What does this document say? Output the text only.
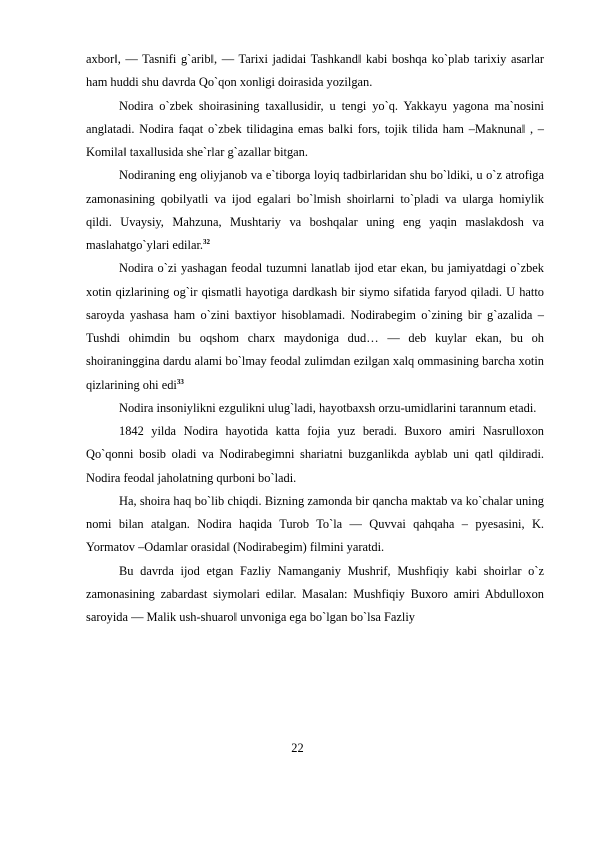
axbor‖, ― Tasnifi g`arib‖, ― Tarixi jadidai Tashkand‖ kabi boshqa ko`plab tarixiy asarlar ham huddi shu davrda Qo`qon xonligi doirasida yozilgan.

Nodira o`zbek shoirasining taxallusidir, u tengi yo`q. Yakkayu yagona ma`nosini anglatadi. Nodira faqat o`zbek tilidagina emas balki fors, tojik tilida ham ‒Maknuna‖ , ‒Komila‖ taxallusida she`rlar g`azallar bitgan.

Nodiraning eng oliyjanob va e`tiborga loyiq tadbirlaridan shu bo`ldiki, u o`z atrofiga zamonasining qobilyatli va ijod egalari bo`lmish shoirlarni to`pladi va ularga homiylik qildi. Uvaysiy, Mahzuna, Mushtariy va boshqalar uning eng yaqin maslakdosh va maslahatgo`ylari edilar.$^{32}$

Nodira o`zi yashagan feodal tuzumni lanatlab ijod etar ekan, bu jamiyatdagi o`zbek xotin qizlarining og`ir qismatli hayotiga dardkash bir siymo sifatida faryod qiladi. U hatto saroyda yashasa ham o`zini baxtiyor hisoblamadi. Nodirabegim o`zining bir g`azalida ‒Tushdi ohimdin bu oqshom charx maydoniga dud… ― deb kuylar ekan, bu oh shoiraninggina dardu alami bo`lmay feodal zulimdan ezilgan xalq ommasining barcha xotin qizlarining ohi edi$^{33}$

Nodira insoniylikni ezgulikni ulug`ladi, hayotbaxsh orzu-umidlarini tarannum etadi.

1842 yilda Nodira hayotida katta fojia yuz beradi. Buxoro amiri Nasrulloxon Qo`qonni bosib oladi va Nodirabegimni shariatni buzganlikda ayblab uni qatl qildiradi. Nodira feodal jaholatning qurboni bo`ladi.

Ha, shoira haq bo`lib chiqdi. Bizning zamonda bir qancha maktab va ko`chalar uning nomi bilan atalgan. Nodira haqida Turob To`la ― Quvvai qahqaha ‒ pyesasini, K. Yormatov ‒Odamlar orasida‖ (Nodirabegim) filmini yaratdi.

Bu davrda ijod etgan Fazliy Namanganiy Mushrif, Mushfiqiy kabi shoirlar o`z zamonasining zabardast siymolari edilar. Masalan: Mushfiqiy Buxoro amiri Abdulloxon saroyida ― Malik ush-shuaro‖ unvoniga ega bo`lgan bo`lsa Fazliy

22
